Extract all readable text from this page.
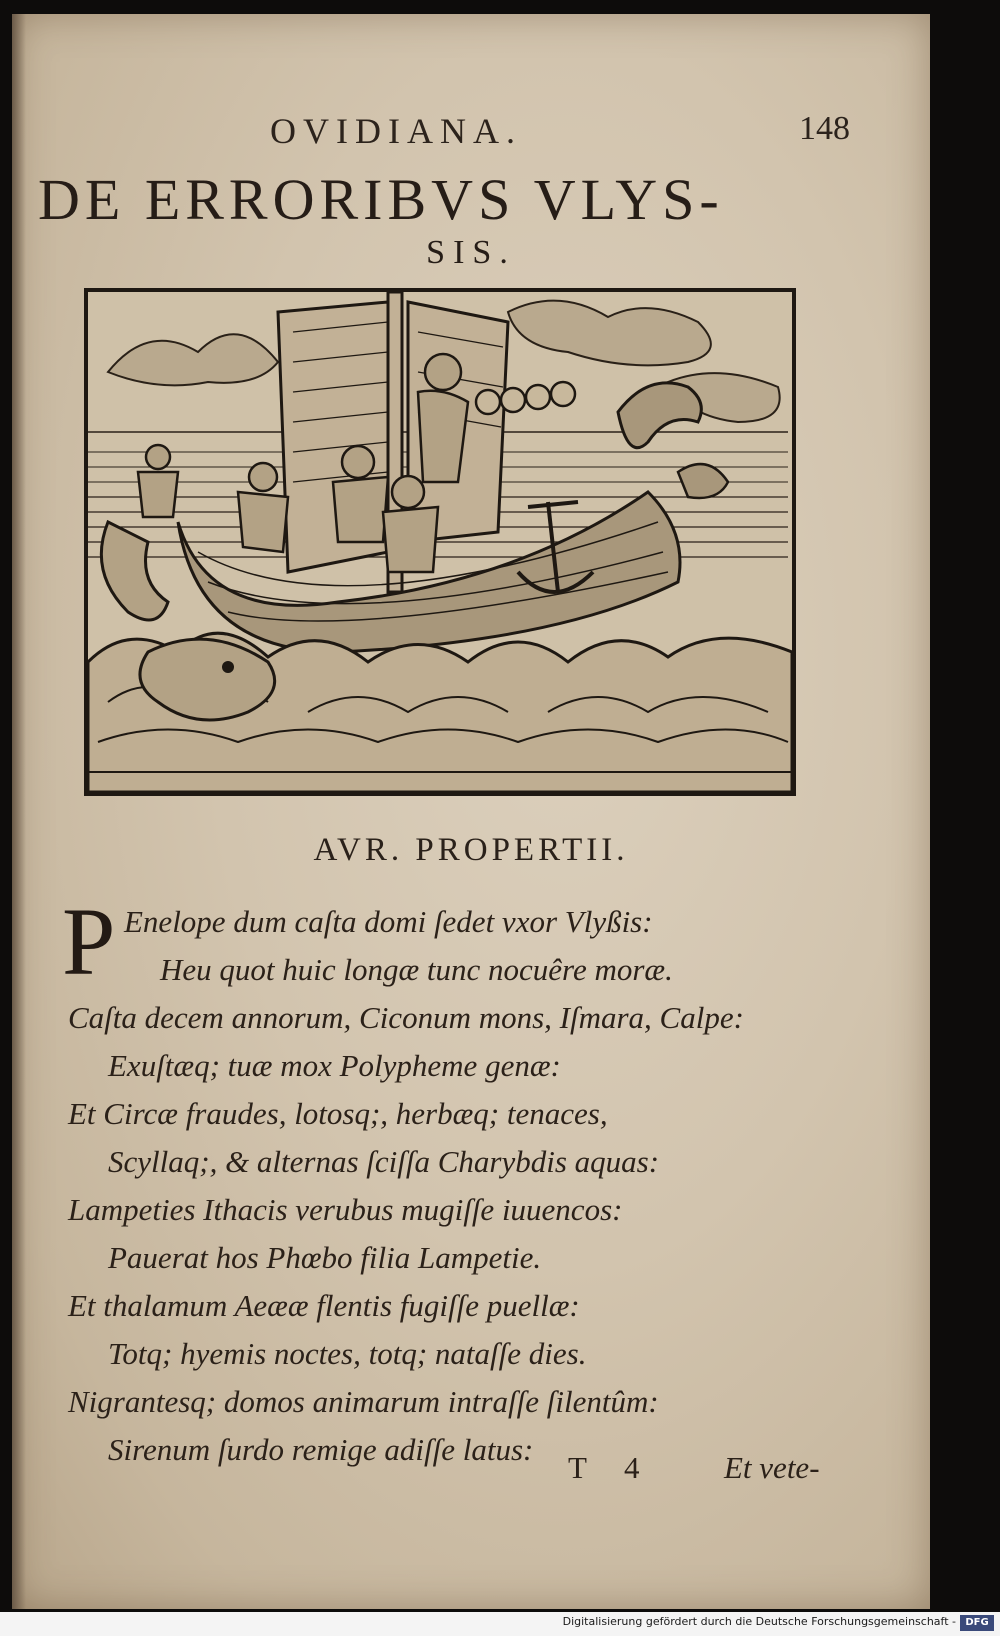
OVIDIANA.	148
DE ERRORIBVS VLYS-
SIS.
AVR. PROPERTII.
P Enelope dum caſta domi ſedet vxor Vlyßis:
Heu quot huic longæ tunc nocuêre moræ.
Caſta decem annorum, Ciconum mons, Iſmara, Calpe:
Exuſtæq; tuæ mox Polypheme genæ:
Et Circæ fraudes, lotosq;, herbæq; tenaces,
Scyllaq;, & alternas ſciſſa Charybdis aquas:
Lampeties Ithacis verubus mugiſſe iuuencos:
Pauerat hos Phœbo filia Lampetie.
Et thalamum Aeææ flentis fugiſſe puellæ:
Totq; hyemis noctes, totq; nataſſe dies.
Nigrantesq; domos animarum intraſſe ſilentûm:
Sirenum ſurdo remige adiſſe latus:
T 4	Et vete-
Digitalisierung gefördert durch die Deutsche Forschungsgemeinschaft - DFG
